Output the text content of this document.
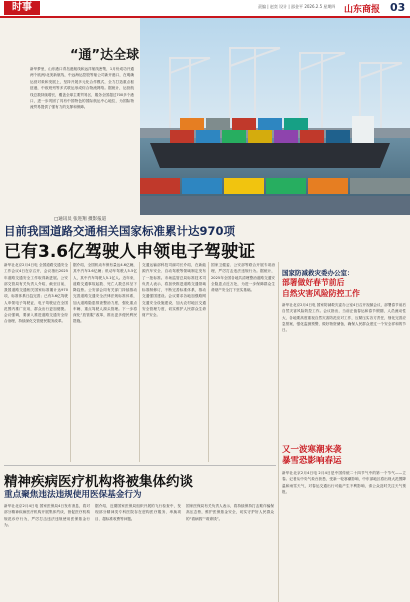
时事	责编 | 赵奕 设计 | 邵金平 2026.2.5 星期四 山东商报 03
“通”达全球
新华梦里，山东港口青岛港航线和远洋航线密集，1月份成功开通两个欧洲/北美新航线，中远海运控股等船公司新开港口，在明确运营对象和发展上，坚持开展多元化合作模式，全力打造重点枢纽港，中欧班列等多式联运形成综合物流网络。据统计，运营航线总数持续增长，覆盖全球主要贸易区，服务全国超过700多个港口，进一步巩固了具有中国特色的国际航运中心地位，为国际物流贸易提供了强有力的支撑和保障。
□通讯员 张进翔 摄影报道
目前我国道路交通相关国家标准累计达970项
已有3.6亿驾驶人申领电子驾驶证
新华社北京2月4日电 全国道路交通安全工作会议4日在京召开，会议指出2025年道路交通安全工作取得新进展。公安部交管局有关负责人介绍，截至目前，我国道路交通相关国家标准累计达970项，标准体系日趋完善；已有3.6亿驾驶人申领电子驾驶证，电子驾驶证在全国范围内推广应用，群众出行更加便捷。会议强调，要深入推进道路交通安全综合治理，持续深化交管便民服务改革。
据介绍，全国机动车保有量达4.6亿辆，其中汽车3.6亿辆；机动车驾驶人5.5亿人，其中汽车驾驶人5.1亿人。近年来，道路交通事故起数、死亡人数总体呈下降趋势。公安部会同有关部门持续推动完善道路交通安全法律法规标准体系，加大道路隐患排查整治力度，强化重点车辆、重点驾驶人源头管理。下一步将深化“放管服”改革，推出更多便民利民措施。
交通运输部科技司副司长介绍，在新能源汽车安全、自动驾驶等领域制定发布了一批标准。市场监管总局标准技术司负责人表示，将加快推进道路交通领域标准制修订，不断完善标准体系，推动交通强国建设。会议要求各地加强路网交通安全设施建设，加大农村地区交通安全管理力度，切实维护人民群众生命财产安全。
国家卫健委、公安部等联合开展专项治理，严厉打击违法违规行为。据统计，2025年全国各地共清理整治道路交通安全隐患点近万处，为进一步保障群众生命财产安全打下坚实基础。
国家防减救灾委办公室：
部署做好春节前后
自然灾害风险防控工作
新华社北京2月4日电 国家防减救灾委办公室4日召开视频会议，部署春节前后自然灾害风险防控工作。会议指出，当前正值春运和春节假期，人员流动性大，各地要高度重视自然灾害防范应对工作，压紧压实各方责任，细化完善应急预案，强化监测预警，做好物资储备，确保人民群众度过一个安全祥和的节日。
又一波寒潮来袭
暴雪恐影响春运
新华社北京2月4日电 2月4日是中国传统二十四节气中的第一个节气——立春。记者从中央气象台获悉，受新一轮寒潮影响，中东部地区将出现大范围降温和雨雪天气，对春运交通出行可能产生不利影响，请公众及时关注天气预报。
精神疾病医疗机构将被集体约谈
重点聚焦违法违规使用医保基金行为
新华社北京2月4日电 国家医保局4日发布消息，将对部分精神疾病医疗机构开展集体约谈，督促医疗机构规范诊疗行为，严厉打击违法违规使用医保基金行为。
据介绍，近期国家医保局组织开展的飞行检查中，发现部分精神类专科医院存在虚构医疗服务、串换项目、超标准收费等问题。
国家医保局有关负责人表示，将持续保持打击欺诈骗保高压态势，维护医保基金安全，切实守护好人民群众的“看病钱”“救命钱”。
